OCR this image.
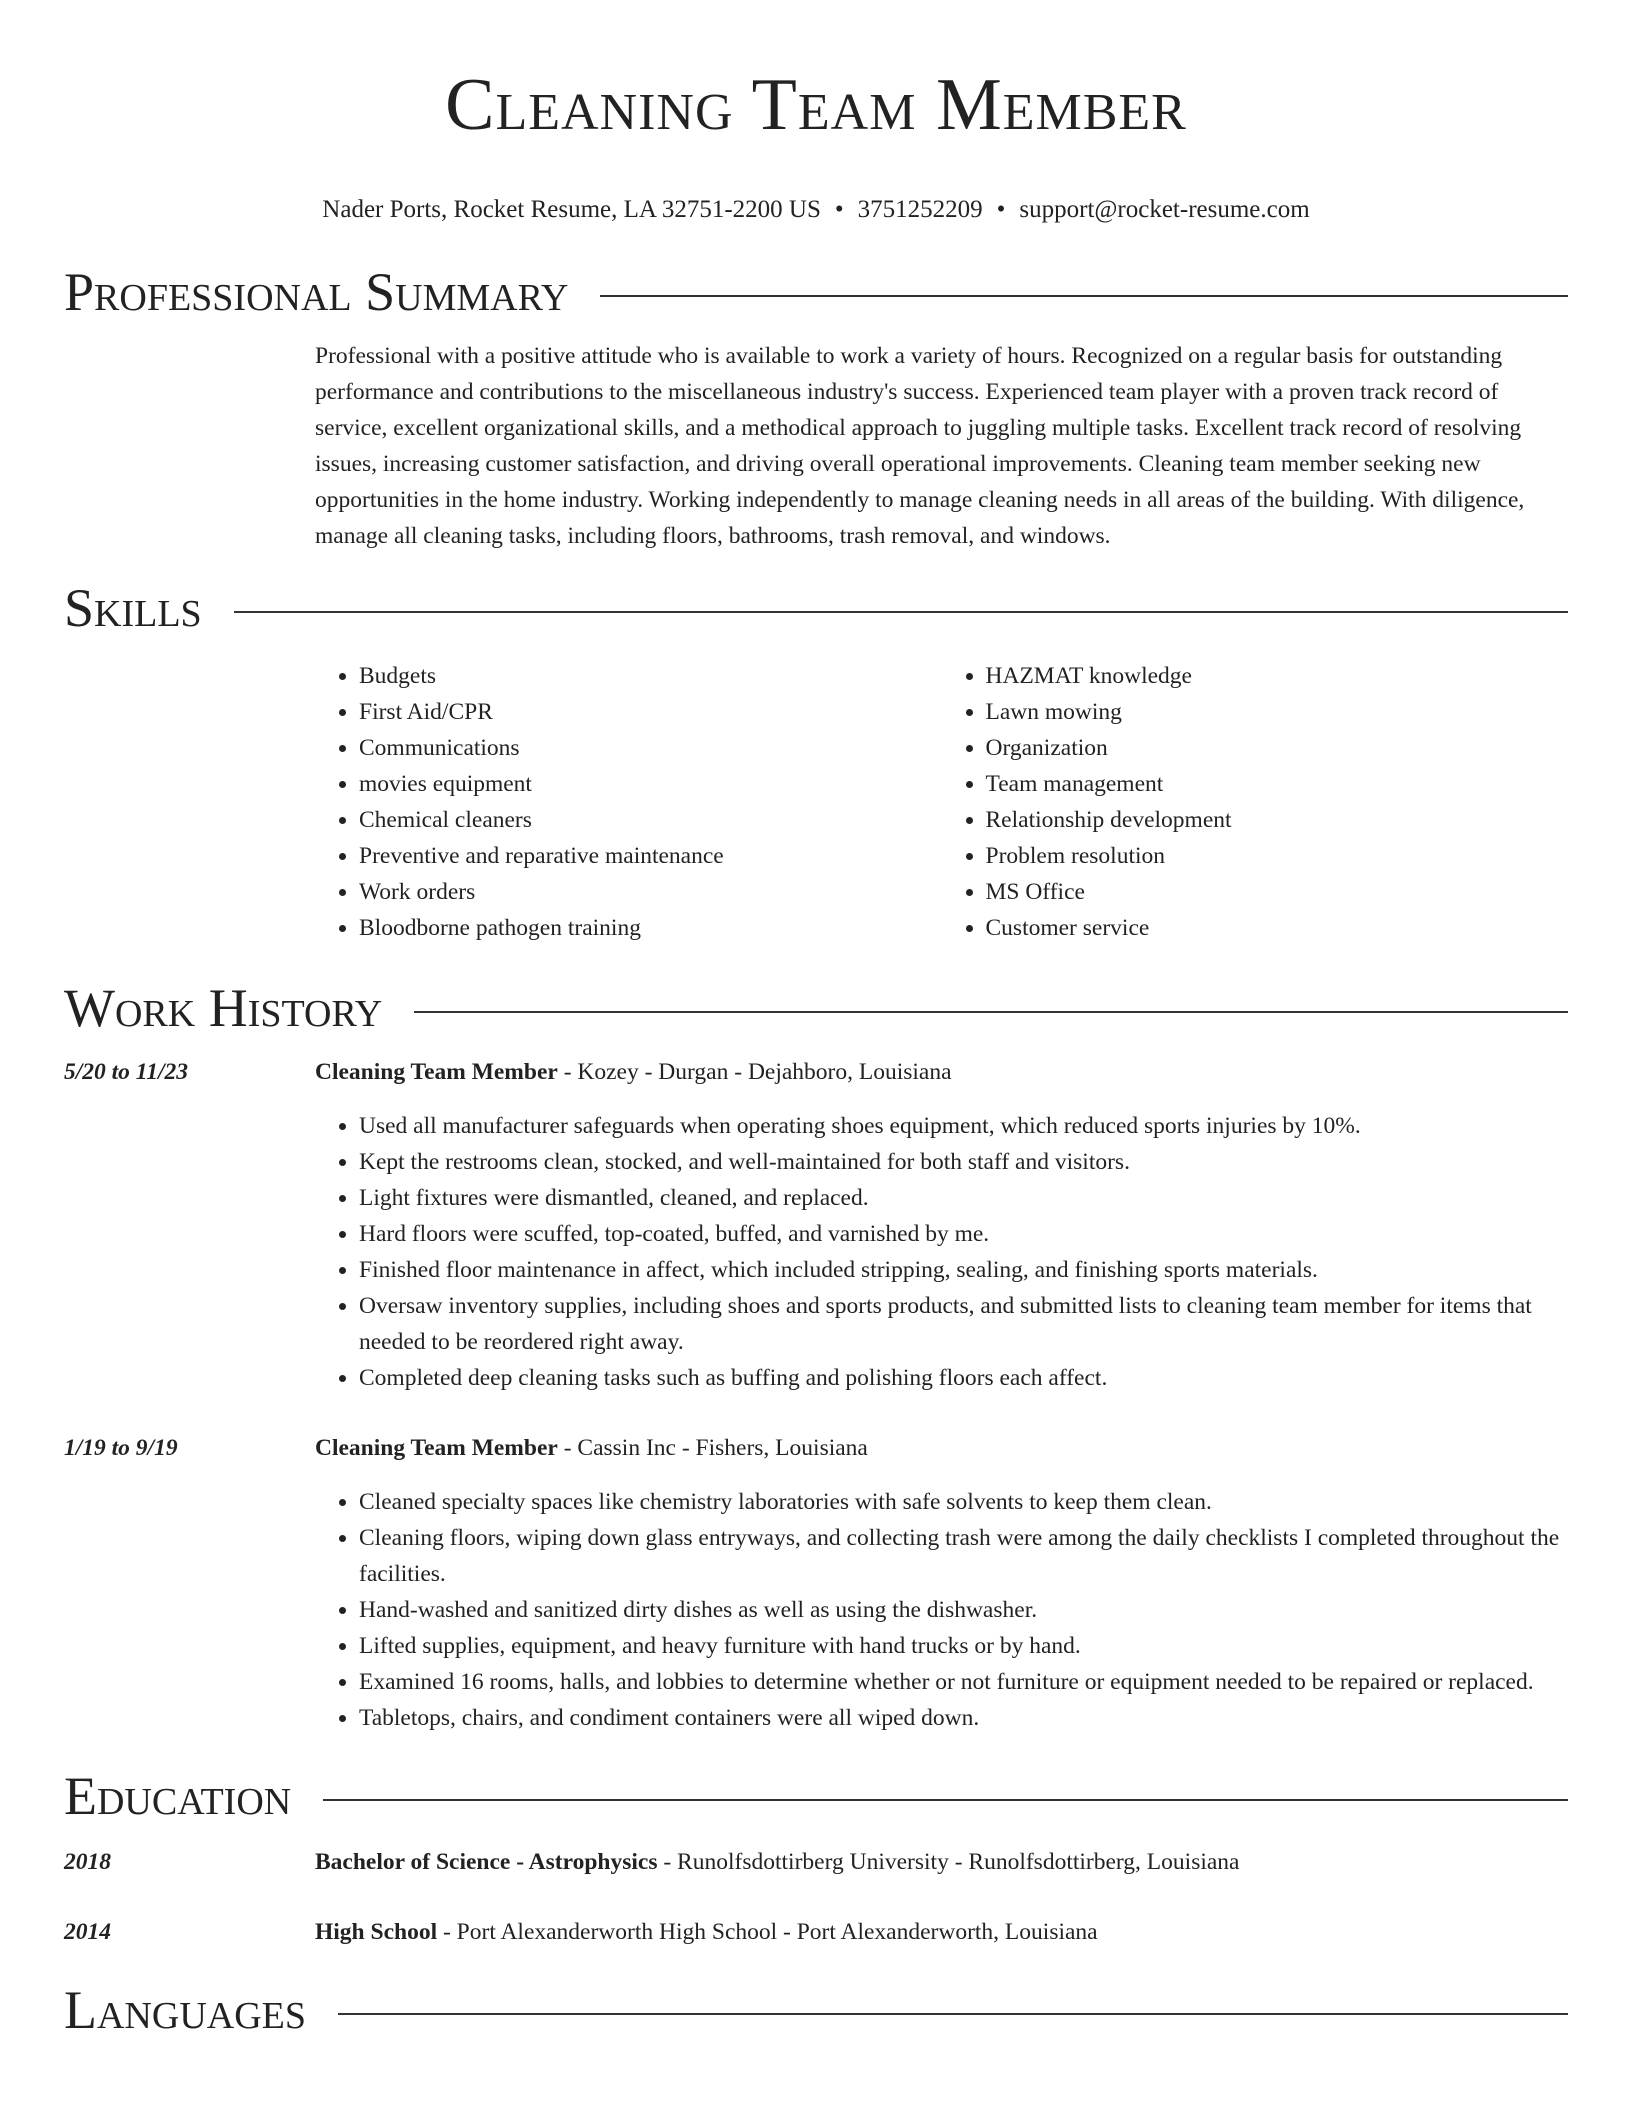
Cleaning Team Member
Nader Ports, Rocket Resume, LA 32751-2200 US • 3751252209 • support@rocket-resume.com
Professional Summary
Professional with a positive attitude who is available to work a variety of hours. Recognized on a regular basis for outstanding performance and contributions to the miscellaneous industry's success. Experienced team player with a proven track record of service, excellent organizational skills, and a methodical approach to juggling multiple tasks. Excellent track record of resolving issues, increasing customer satisfaction, and driving overall operational improvements. Cleaning team member seeking new opportunities in the home industry. Working independently to manage cleaning needs in all areas of the building. With diligence, manage all cleaning tasks, including floors, bathrooms, trash removal, and windows.
Skills
• Budgets
• First Aid/CPR
• Communications
• movies equipment
• Chemical cleaners
• Preventive and reparative maintenance
• Work orders
• Bloodborne pathogen training
• HAZMAT knowledge
• Lawn mowing
• Organization
• Team management
• Relationship development
• Problem resolution
• MS Office
• Customer service
Work History
5/20 to 11/23	Cleaning Team Member - Kozey - Durgan - Dejahboro, Louisiana
• Used all manufacturer safeguards when operating shoes equipment, which reduced sports injuries by 10%.
• Kept the restrooms clean, stocked, and well-maintained for both staff and visitors.
• Light fixtures were dismantled, cleaned, and replaced.
• Hard floors were scuffed, top-coated, buffed, and varnished by me.
• Finished floor maintenance in affect, which included stripping, sealing, and finishing sports materials.
• Oversaw inventory supplies, including shoes and sports products, and submitted lists to cleaning team member for items that needed to be reordered right away.
• Completed deep cleaning tasks such as buffing and polishing floors each affect.
1/19 to 9/19	Cleaning Team Member - Cassin Inc - Fishers, Louisiana
• Cleaned specialty spaces like chemistry laboratories with safe solvents to keep them clean.
• Cleaning floors, wiping down glass entryways, and collecting trash were among the daily checklists I completed throughout the facilities.
• Hand-washed and sanitized dirty dishes as well as using the dishwasher.
• Lifted supplies, equipment, and heavy furniture with hand trucks or by hand.
• Examined 16 rooms, halls, and lobbies to determine whether or not furniture or equipment needed to be repaired or replaced.
• Tabletops, chairs, and condiment containers were all wiped down.
Education
2018	Bachelor of Science - Astrophysics - Runolfsdottirberg University - Runolfsdottirberg, Louisiana
2014	High School - Port Alexanderworth High School - Port Alexanderworth, Louisiana
Languages
